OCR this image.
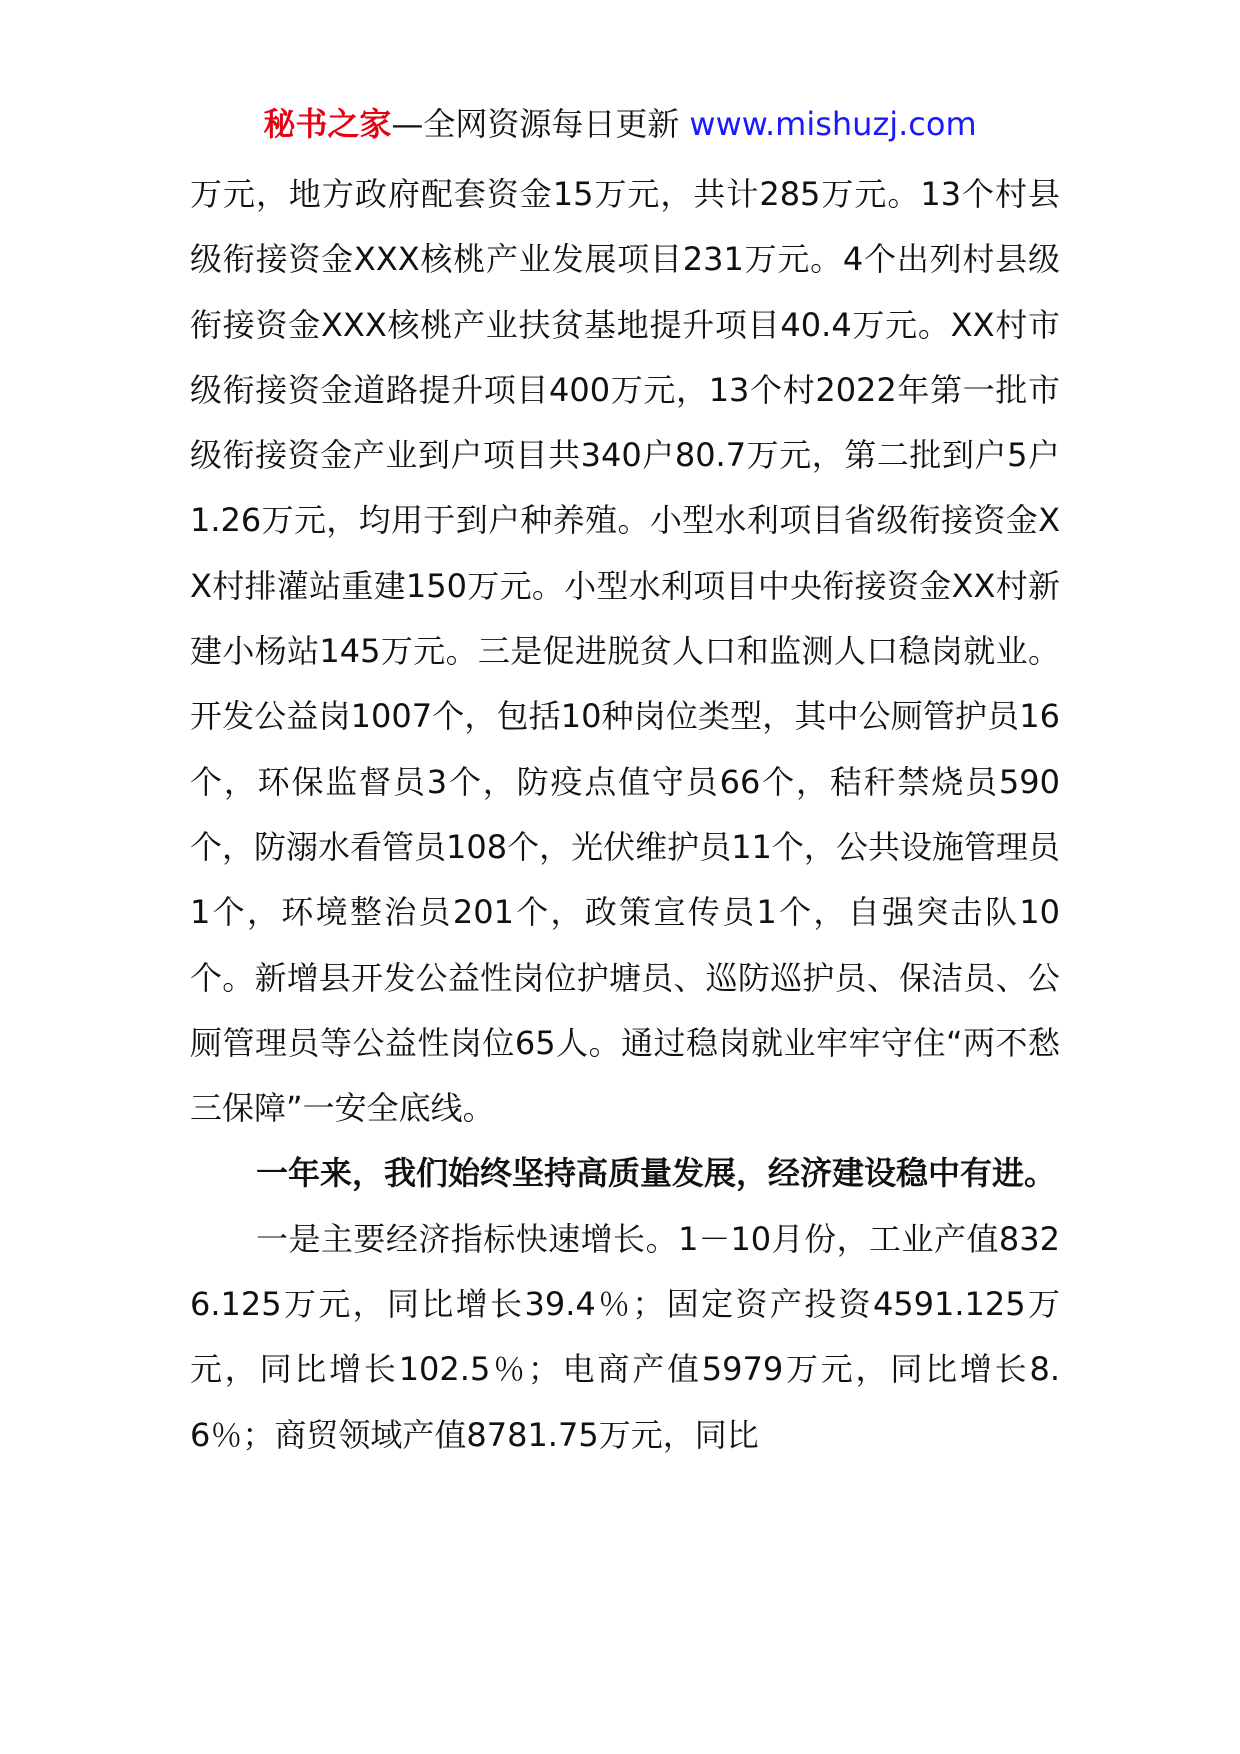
秘书之家—全网资源每日更新 www.mishuzj.com

万元，地方政府配套资金15万元，共计285万元。13个村县级衔接资金XXX核桃产业发展项目231万元。4个出列村县级衔接资金XXX核桃产业扶贫基地提升项目40.4万元。XX村市级衔接资金道路提升项目400万元，13个村2022年第一批市级衔接资金产业到户项目共340户80.7万元，第二批到户5户1.26万元，均用于到户种养殖。小型水利项目省级衔接资金XX村排灌站重建150万元。小型水利项目中央衔接资金XX村新建小杨站145万元。三是促进脱贫人口和监测人口稳岗就业。开发公益岗1007个，包括10种岗位类型，其中公厕管护员16个，环保监督员3个，防疫点值守员66个，秸秆禁烧员590个，防溺水看管员108个，光伏维护员11个，公共设施管理员1个，环境整治员201个，政策宣传员1个，自强突击队10个。新增县开发公益性岗位护塘员、巡防巡护员、保洁员、公厕管理员等公益性岗位65人。通过稳岗就业牢牢守住“两不愁三保障”一安全底线。

一年来，我们始终坚持高质量发展，经济建设稳中有进。

一是主要经济指标快速增长。1－10月份，工业产值8326.125万元，同比增长39.4％；固定资产投资4591.125万元，同比增长102.5％；电商产值5979万元，同比增长8.6％；商贸领域产值8781.75万元，同比
